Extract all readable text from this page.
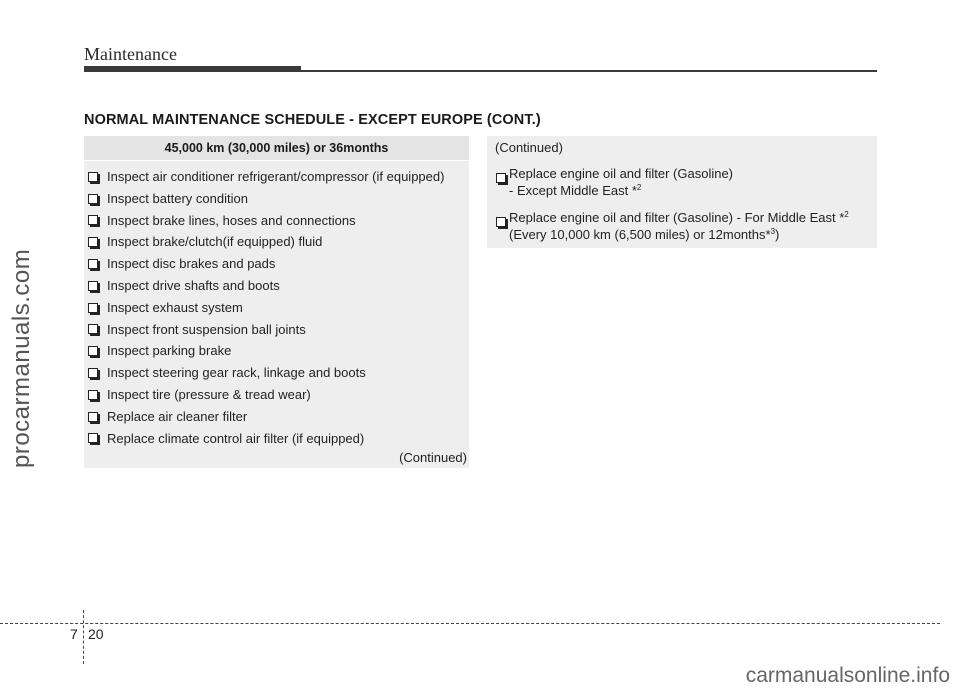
Maintenance
NORMAL MAINTENANCE SCHEDULE - EXCEPT EUROPE (CONT.)
45,000 km (30,000 miles) or 36months
Inspect air conditioner refrigerant/compressor (if equipped)
Inspect battery condition
Inspect brake lines, hoses and connections
Inspect brake/clutch(if equipped) fluid
Inspect disc brakes and pads
Inspect drive shafts and boots
Inspect exhaust system
Inspect front suspension ball joints
Inspect parking brake
Inspect steering gear rack, linkage and boots
Inspect tire (pressure & tread wear)
Replace air cleaner filter
Replace climate control air filter (if equipped)
(Continued)
(Continued)
Replace engine oil and filter (Gasoline)
- Except Middle East *$^2$
Replace engine oil and filter (Gasoline) - For Middle East *$^2$
(Every 10,000 km (6,500 miles) or 12months*$^3$)
procarmanuals.com
7 20
carmanualsonline.info
